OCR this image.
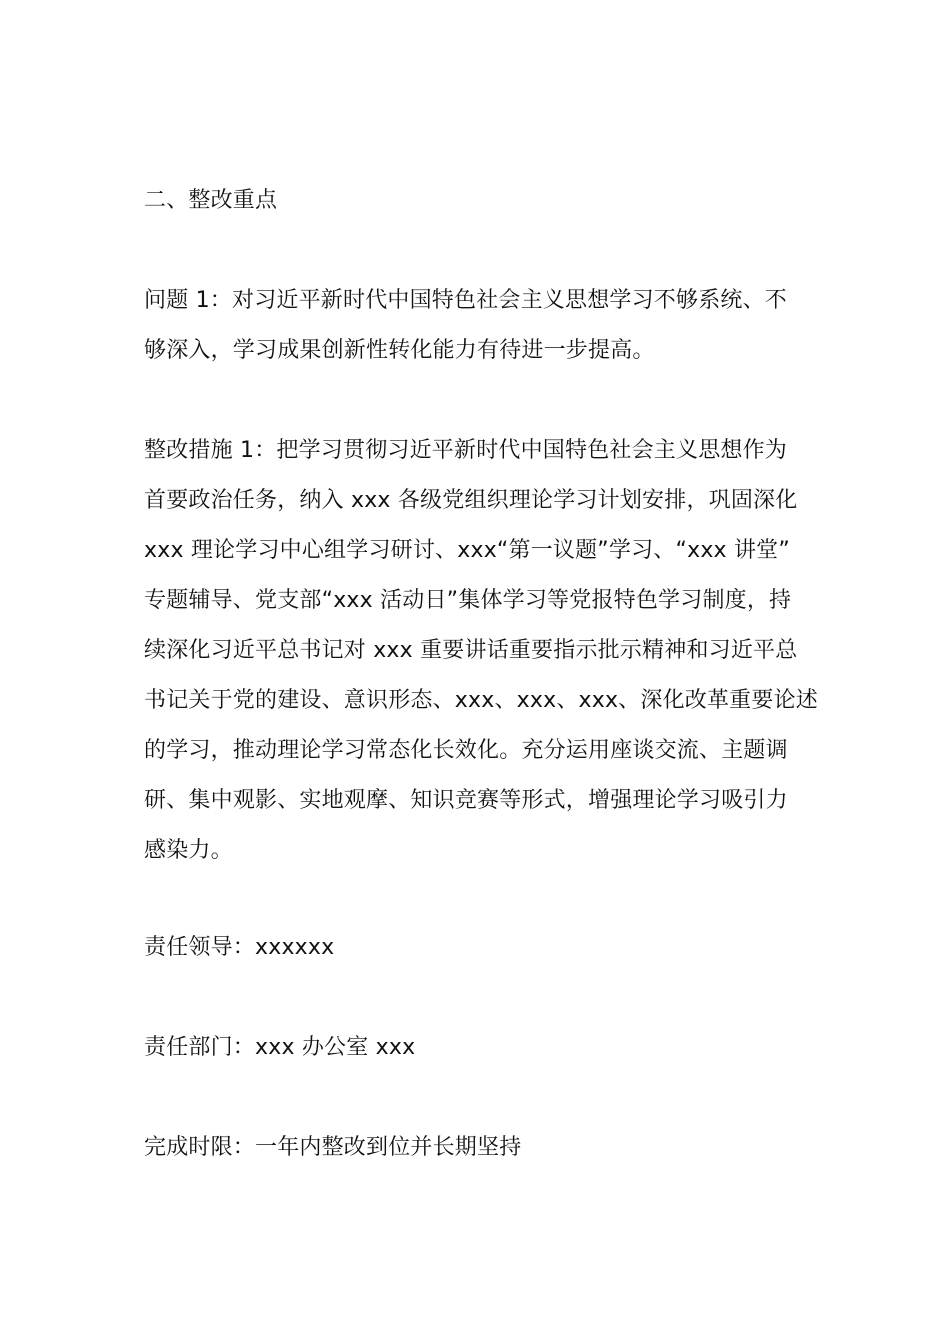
二、整改重点
问题 1：对习近平新时代中国特色社会主义思想学习不够系统、不
够深入，学习成果创新性转化能力有待进一步提高。
整改措施 1：把学习贯彻习近平新时代中国特色社会主义思想作为
首要政治任务，纳入 xxx 各级党组织理论学习计划安排，巩固深化
xxx 理论学习中心组学习研讨、xxx“第一议题”学习、“xxx 讲堂”
专题辅导、党支部“xxx 活动日”集体学习等党报特色学习制度，持
续深化习近平总书记对 xxx 重要讲话重要指示批示精神和习近平总
书记关于党的建设、意识形态、xxx、xxx、xxx、深化改革重要论述
的学习，推动理论学习常态化长效化。充分运用座谈交流、主题调
研、集中观影、实地观摩、知识竞赛等形式，增强理论学习吸引力
感染力。
责任领导：xxxxxx
责任部门：xxx 办公室 xxx
完成时限：一年内整改到位并长期坚持
